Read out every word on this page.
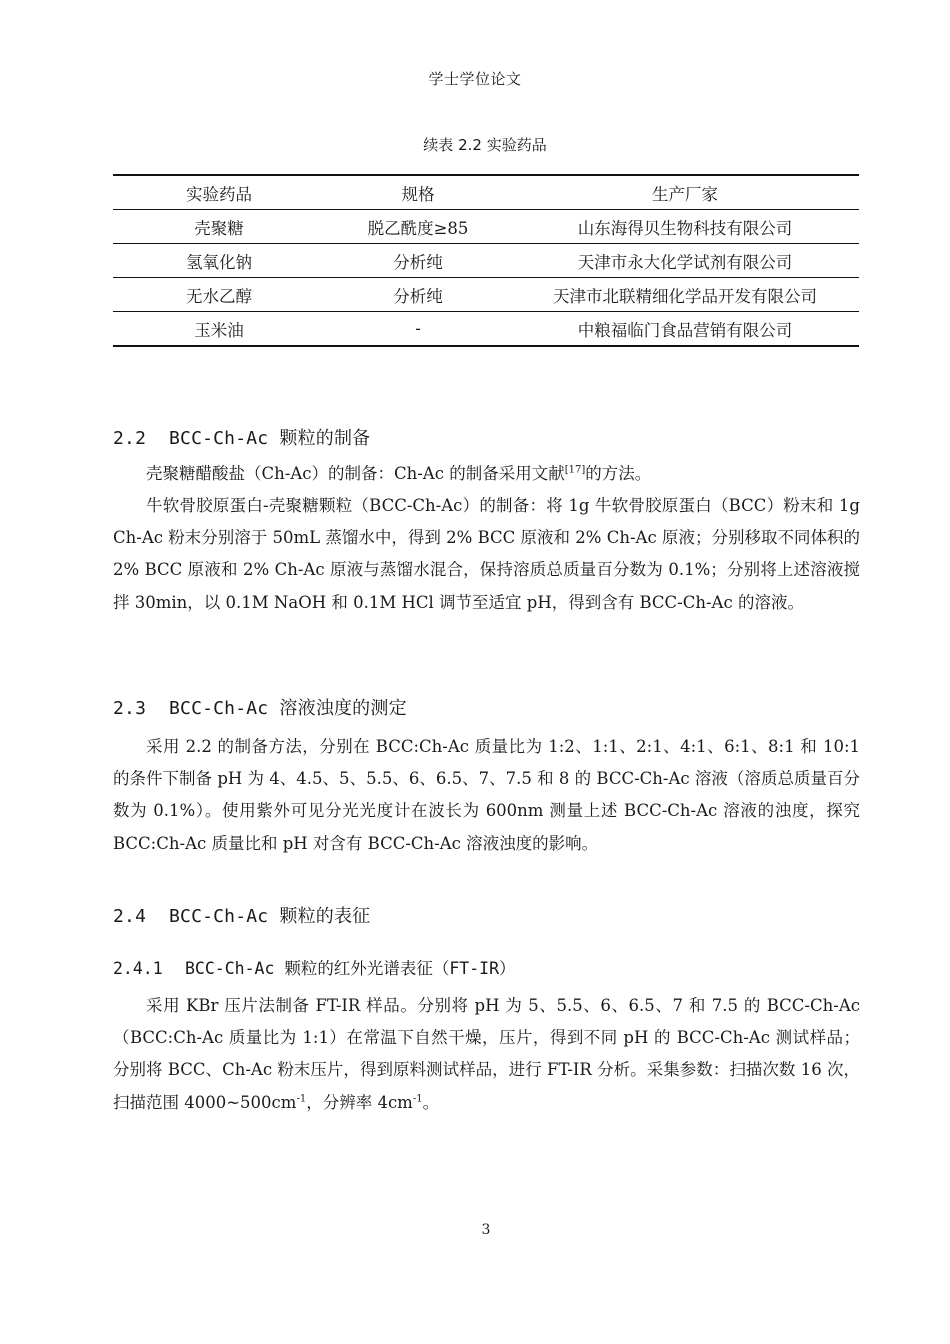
学士学位论文
续表 2.2 实验药品
实验药品	规格	生产厂家
壳聚糖	脱乙酰度≥85	山东海得贝生物科技有限公司
氢氧化钠	分析纯	天津市永大化学试剂有限公司
无水乙醇	分析纯	天津市北联精细化学品开发有限公司
玉米油	-	中粮福临门食品营销有限公司
2.2 BCC-Ch-Ac 颗粒的制备

壳聚糖醋酸盐（Ch-Ac）的制备：Ch-Ac 的制备采用文献[17]的方法。

牛软骨胶原蛋白-壳聚糖颗粒（BCC-Ch-Ac）的制备：将 1g 牛软骨胶原蛋白（BCC）粉末和 1g Ch-Ac 粉末分别溶于 50mL 蒸馏水中，得到 2% BCC 原液和 2% Ch-Ac 原液；分别移取不同体积的 2% BCC 原液和 2% Ch-Ac 原液与蒸馏水混合，保持溶质总质量百分数为 0.1%；分别将上述溶液搅拌 30min，以 0.1M NaOH 和 0.1M HCl 调节至适宜 pH，得到含有 BCC-Ch-Ac 的溶液。

2.3 BCC-Ch-Ac 溶液浊度的测定

采用 2.2 的制备方法，分别在 BCC:Ch-Ac 质量比为 1:2、1:1、2:1、4:1、6:1、8:1 和 10:1 的条件下制备 pH 为 4、4.5、5、5.5、6、6.5、7、7.5 和 8 的 BCC-Ch-Ac 溶液（溶质总质量百分数为 0.1%）。使用紫外可见分光光度计在波长为 600nm 测量上述 BCC-Ch-Ac 溶液的浊度，探究 BCC:Ch-Ac 质量比和 pH 对含有 BCC-Ch-Ac 溶液浊度的影响。

2.4 BCC-Ch-Ac 颗粒的表征
2.4.1 BCC-Ch-Ac 颗粒的红外光谱表征（FT-IR）

采用 KBr 压片法制备 FT-IR 样品。分别将 pH 为 5、5.5、6、6.5、7 和 7.5 的 BCC-Ch-Ac（BCC:Ch-Ac 质量比为 1:1）在常温下自然干燥，压片，得到不同 pH 的 BCC-Ch-Ac 测试样品；分别将 BCC、Ch-Ac 粉末压片，得到原料测试样品，进行 FT-IR 分析。采集参数：扫描次数 16 次，扫描范围 $4000\sim 500cm^{-1}$，分辨率 $4cm^{-1}$。

3
